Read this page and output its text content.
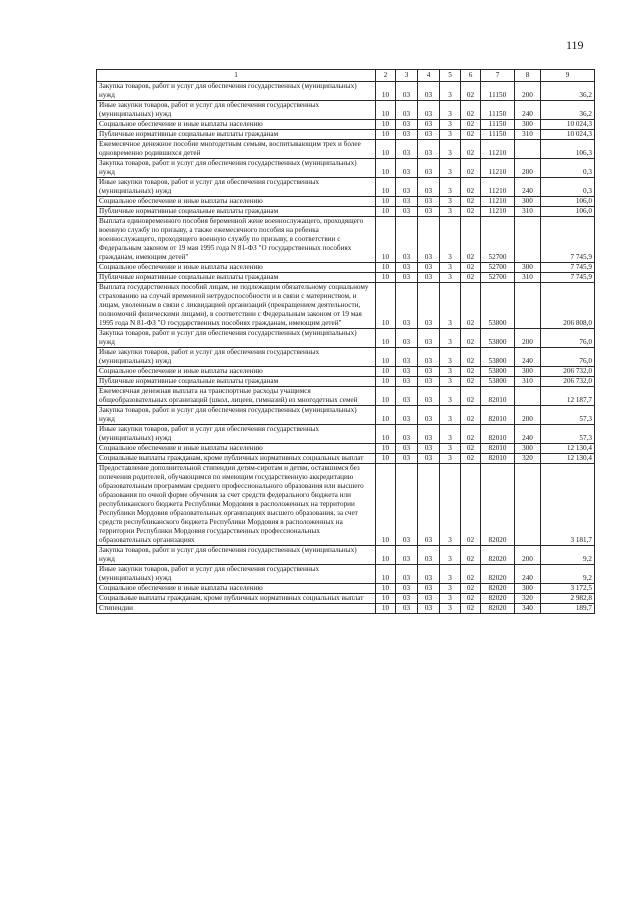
119
1	2	3	4	5	6	7	8	9
Закупка товаров, работ и услуг для обеспечения государственных (муниципальных) нужд	10	03	03	3	02	11150	200	36,2
Иные закупки товаров, работ и услуг для обеспечения государственных (муниципальных) нужд	10	03	03	3	02	11150	240	36,2
Социальное обеспечение и иные выплаты населению	10	03	03	3	02	11150	300	10 024,3
Публичные нормативные социальные выплаты гражданам	10	03	03	3	02	11150	310	10 024,3
Ежемесячное денежное пособие многодетным семьям, воспитывающим трех и более одновременно родившихся детей	10	03	03	3	02	11210		106,3
Закупка товаров, работ и услуг для обеспечения государственных (муниципальных) нужд	10	03	03	3	02	11210	200	0,3
Иные закупки товаров, работ и услуг для обеспечения государственных (муниципальных) нужд	10	03	03	3	02	11210	240	0,3
Социальное обеспечение и иные выплаты населению	10	03	03	3	02	11210	300	106,0
Публичные нормативные социальные выплаты гражданам	10	03	03	3	02	11210	310	106,0
Выплата единовременного пособия беременной жене военнослужащего, проходящего военную службу по призыву, а также ежемесячного пособия на ребенка военнослужащего, проходящего военную службу по призыву, в соответствии с Федеральным законом от 19 мая 1995 года N 81-ФЗ "О государственных пособиях гражданам, имеющим детей"	10	03	03	3	02	52700		7 745,9
Социальное обеспечение и иные выплаты населению	10	03	03	3	02	52700	300	7 745,9
Публичные нормативные социальные выплаты гражданам	10	03	03	3	02	52700	310	7 745,9
Выплата государственных пособий лицам, не подлежащим обязательному социальному страхованию на случай временной нетрудоспособности и в связи с материнством, и лицам, уволенным в связи с ликвидацией организаций (прекращением деятельности, полномочий физическими лицами), в соответствии с Федеральным законом от 19 мая 1995 года N 81-ФЗ "О государственных пособиях гражданам, имеющим детей"	10	03	03	3	02	53800		206 808,0
Закупка товаров, работ и услуг для обеспечения государственных (муниципальных) нужд	10	03	03	3	02	53800	200	76,0
Иные закупки товаров, работ и услуг для обеспечения государственных (муниципальных) нужд	10	03	03	3	02	53800	240	76,0
Социальное обеспечение и иные выплаты населению	10	03	03	3	02	53800	300	206 732,0
Публичные нормативные социальные выплаты гражданам	10	03	03	3	02	53800	310	206 732,0
Ежемесячная денежная выплата на транспортные расходы учащимся общеобразовательных организаций (школ, лицеев, гимназий) из многодетных семей	10	03	03	3	02	82010		12 187,7
Закупка товаров, работ и услуг для обеспечения государственных (муниципальных) нужд	10	03	03	3	02	82010	200	57,3
Иные закупки товаров, работ и услуг для обеспечения государственных (муниципальных) нужд	10	03	03	3	02	82010	240	57,3
Социальное обеспечение и иные выплаты населению	10	03	03	3	02	82010	300	12 130,4
Социальные выплаты гражданам, кроме публичных нормативных социальных выплат	10	03	03	3	02	82010	320	12 130,4
Предоставление дополнительной стипендии детям-сиротам и детям, оставшимся без попечения родителей, обучающимся по имеющим государственную аккредитацию образовательным программам среднего профессионального образования или высшего образования по очной форме обучения за счет средств федерального бюджета или республиканского бюджета Республики Мордовия в расположенных на территории Республики Мордовия образовательных организациях высшего образования, за счет средств республиканского бюджета Республики Мордовия в расположенных на территории Республики Мордовия государственных профессиональных образовательных организациях	10	03	03	3	02	82020		3 181,7
Закупка товаров, работ и услуг для обеспечения государственных (муниципальных) нужд	10	03	03	3	02	82020	200	9,2
Иные закупки товаров, работ и услуг для обеспечения государственных (муниципальных) нужд	10	03	03	3	02	82020	240	9,2
Социальное обеспечение и иные выплаты населению	10	03	03	3	02	82020	300	3 172,5
Социальные выплаты гражданам, кроме публичных нормативных социальных выплат	10	03	03	3	02	82020	320	2 982,8
Стипендии	10	03	03	3	02	82020	340	189,7
